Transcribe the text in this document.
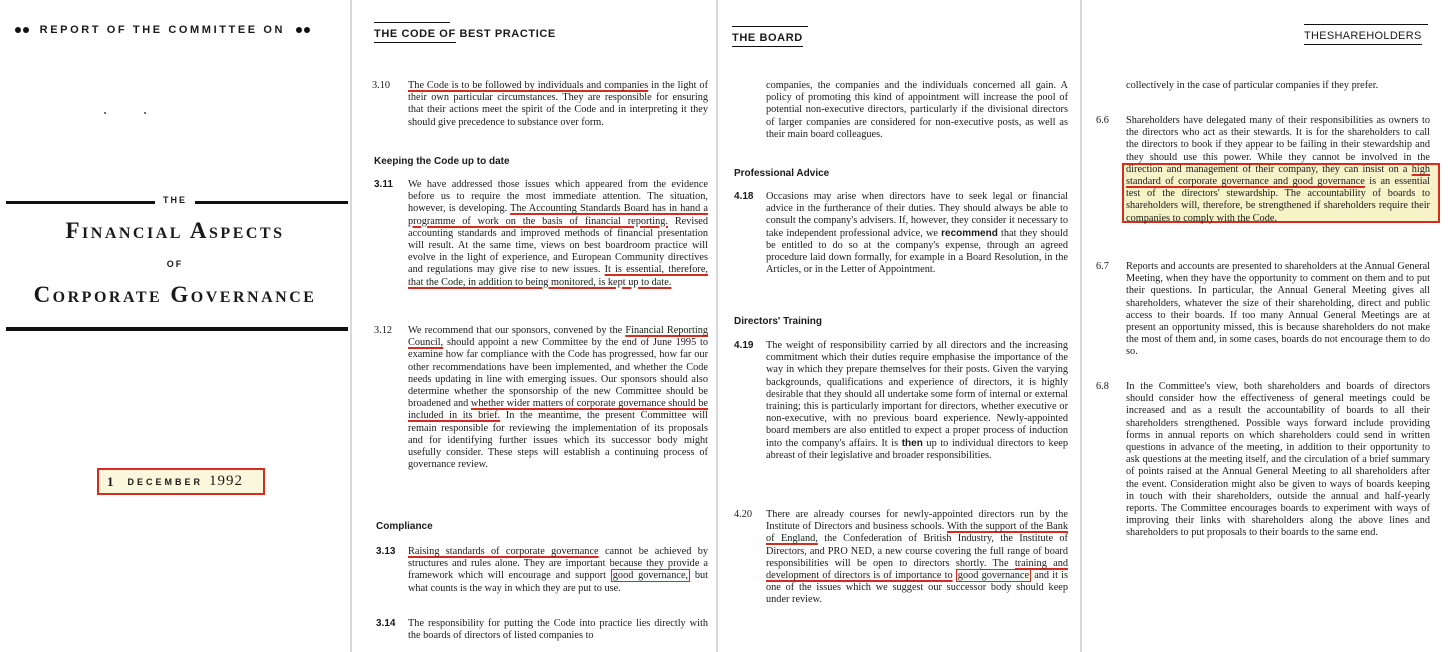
REPORT OF THE COMMITTEE ON
THE
Financial Aspects
OF
Corporate Governance
1 DECEMBER 1992
THE CODE OF BEST PRACTICE
3.10 The Code is to be followed by individuals and companies in the light of their own particular circumstances. They are responsible for ensuring that their actions meet the spirit of the Code and in interpreting it they should give precedence to substance over form.
Keeping the Code up to date
3.11 We have addressed those issues which appeared from the evidence before us to require the most immediate attention. The situation, however, is developing. The Accounting Standards Board has in hand a programme of work on the basis of financial reporting. Revised accounting standards and improved methods of financial presentation will result. At the same time, views on best boardroom practice will evolve in the light of experience, and European Community directives and regulations may give rise to new issues. It is essential, therefore, that the Code, in addition to being monitored, is kept up to date.
3.12 We recommend that our sponsors, convened by the Financial Reporting Council, should appoint a new Committee by the end of June 1995 to examine how far compliance with the Code has progressed, how far our other recommendations have been implemented, and whether the Code needs updating in line with emerging issues. Our sponsors should also determine whether the sponsorship of the new Committee should be broadened and whether wider matters of corporate governance should be included in its brief. In the meantime, the present Committee will remain responsible for reviewing the implementation of its proposals and for identifying further issues which its successor body might usefully consider. These steps will establish a continuing process of governance review.
Compliance
3.13 Raising standards of corporate governance cannot be achieved by structures and rules alone. They are important because they provide a framework which will encourage and support good governance, but what counts is the way in which they are put to use.
3.14 The responsibility for putting the Code into practice lies directly with the boards of directors of listed companies to
THE BOARD
companies, the companies and the individuals concerned all gain. A policy of promoting this kind of appointment will increase the pool of potential non-executive directors, particularly if the divisional directors of larger companies are considered for non-executive posts, as well as their main board colleagues.
Professional Advice
4.18 Occasions may arise when directors have to seek legal or financial advice in the furtherance of their duties. They should always be able to consult the company's advisers. If, however, they consider it necessary to take independent professional advice, we recommend that they should be entitled to do so at the company's expense, through an agreed procedure laid down formally, for example in a Board Resolution, in the Articles, or in the Letter of Appointment.
Directors' Training
4.19 The weight of responsibility carried by all directors and the increasing commitment which their duties require emphasise the importance of the way in which they prepare themselves for their posts. Given the varying backgrounds, qualifications and experience of directors, it is highly desirable that they should all undertake some form of internal or external training; this is particularly important for directors, whether executive or non-executive, with no previous board experience. Newly-appointed board members are also entitled to expect a proper process of induction into the company's affairs. It is then up to individual directors to keep abreast of their legislative and broader responsibilities.
4.20 There are already courses for newly-appointed directors run by the Institute of Directors and business schools. With the support of the Bank of England, the Confederation of British Industry, the Institute of Directors, and PRO NED, a new course covering the full range of board responsibilities will be open to directors shortly. The training and development of directors is of importance to good governance and it is one of the issues which we suggest our successor body should keep under review.
THESHAREHOLDERS
collectively in the case of particular companies if they prefer.
6.6 Shareholders have delegated many of their responsibilities as owners to the directors who act as their stewards. It is for the shareholders to call the directors to book if they appear to be failing in their stewardship and they should use this power. While they cannot be involved in the direction and management of their company, they can insist on a high standard of corporate governance and good governance is an essential test of the directors' stewardship. The accountability of boards to shareholders will, therefore, be strengthened if shareholders require their companies to comply with the Code.
6.7 Reports and accounts are presented to shareholders at the Annual General Meeting, when they have the opportunity to comment on them and to put their questions. In particular, the Annual General Meeting gives all shareholders, whatever the size of their shareholding, direct and public access to their boards. If too many Annual General Meetings are at present an opportunity missed, this is because shareholders do not make the most of them and, in some cases, boards do not encourage them to do so.
6.8 In the Committee's view, both shareholders and boards of directors should consider how the effectiveness of general meetings could be increased and as a result the accountability of boards to all their shareholders strengthened. Possible ways forward include providing forms in annual reports on which shareholders could send in written questions in advance of the meeting, in addition to their opportunity to ask questions at the meeting itself, and the circulation of a brief summary of points raised at the Annual General Meeting to all shareholders after the event. Consideration might also be given to ways of boards keeping in touch with their shareholders, outside the annual and half-yearly reports. The Committee encourages boards to experiment with ways of improving their links with shareholders along the above lines and shareholders to put proposals to their boards to the same end.
